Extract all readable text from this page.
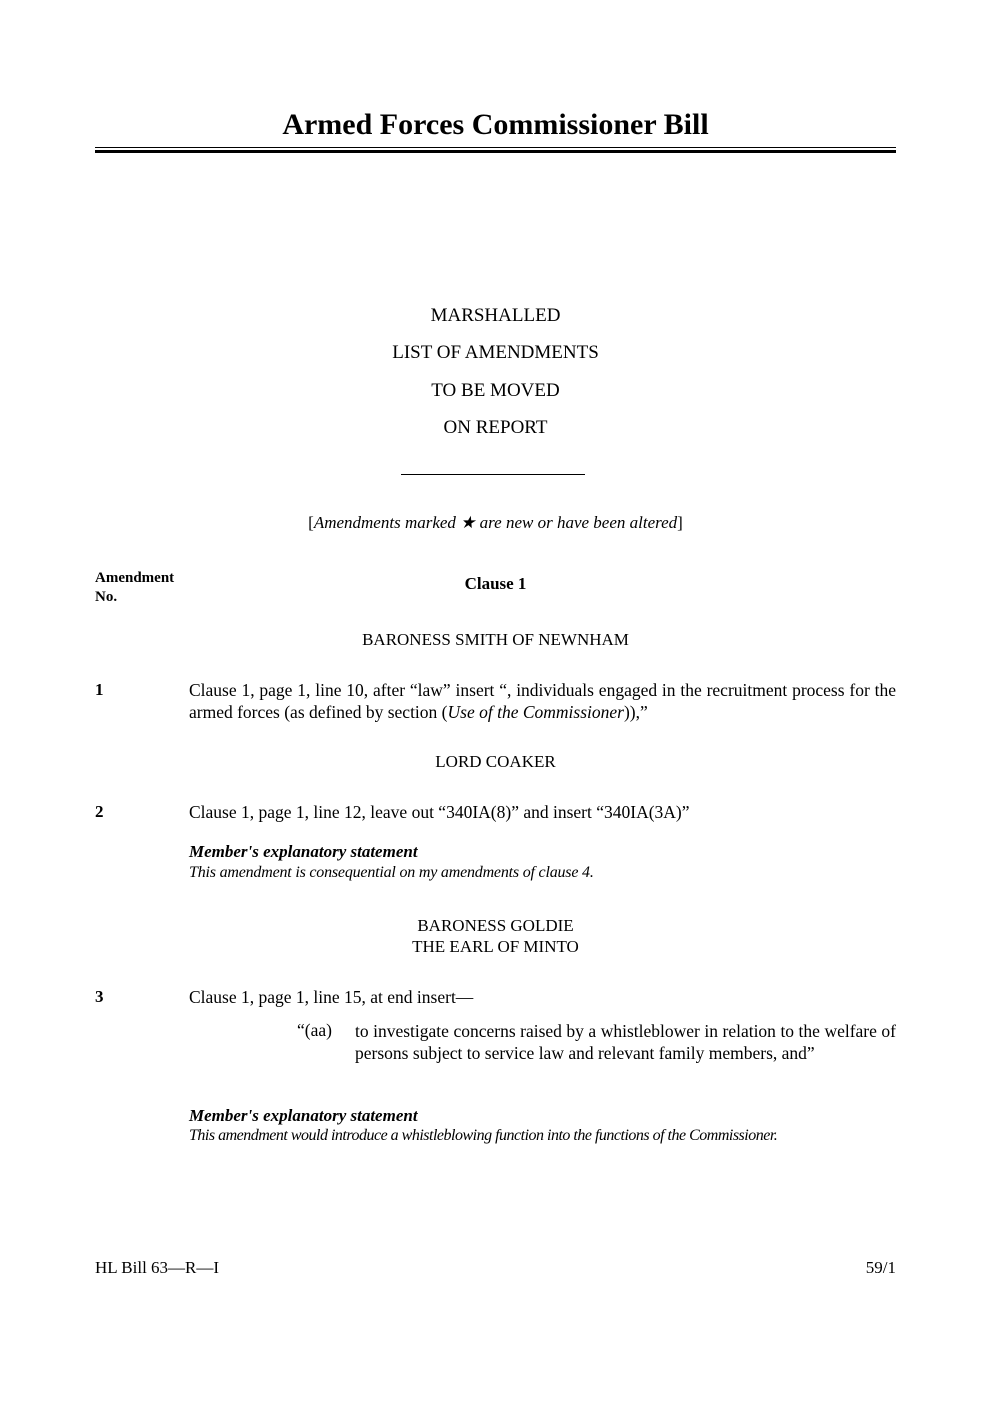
Armed Forces Commissioner Bill
MARSHALLED
LIST OF AMENDMENTS
TO BE MOVED
ON REPORT
[Amendments marked ★ are new or have been altered]
Amendment No.
Clause 1
BARONESS SMITH OF NEWNHAM
1	Clause 1, page 1, line 10, after “law” insert “, individuals engaged in the recruitment process for the armed forces (as defined by section (Use of the Commissioner)),”
LORD COAKER
2	Clause 1, page 1, line 12, leave out “340IA(8)” and insert “340IA(3A)”
Member's explanatory statement
This amendment is consequential on my amendments of clause 4.
BARONESS GOLDIE
THE EARL OF MINTO
3	Clause 1, page 1, line 15, at end insert—
“(aa) to investigate concerns raised by a whistleblower in relation to the welfare of persons subject to service law and relevant family members, and”
Member's explanatory statement
This amendment would introduce a whistleblowing function into the functions of the Commissioner.
HL Bill 63—R—I	59/1
